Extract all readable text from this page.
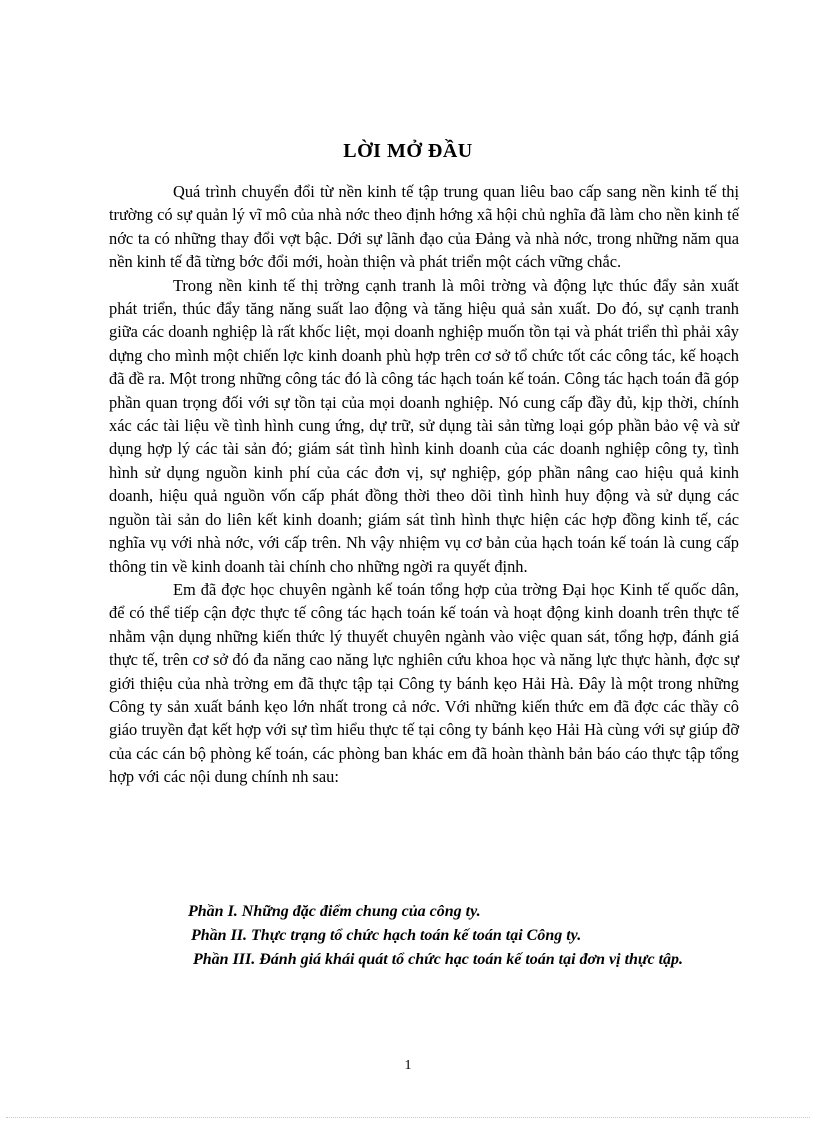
LỜI MỞ ĐẦU

Quá trình chuyển đổi từ nền kinh tế tập trung quan liêu bao cấp sang nền kinh tế thị trường có sự quản lý vĩ mô của nhà nớc theo định hớng xã hội chủ nghĩa đã làm cho nền kinh tế nớc ta có những thay đổi vợt bậc. Dới sự lãnh đạo của Đảng và nhà nớc, trong những năm qua nền kinh tế đã từng bớc đổi mới, hoàn thiện và phát triển một cách vững chắc.

Trong nền kinh tế thị trờng cạnh tranh là môi trờng và động lực thúc đẩy sản xuất phát triển, thúc đẩy tăng năng suất lao động và tăng hiệu quả sản xuất. Do đó, sự cạnh tranh giữa các doanh nghiệp là rất khốc liệt, mọi doanh nghiệp muốn tồn tại và phát triển thì phải xây dựng cho mình một chiến lợc kinh doanh phù hợp trên cơ sở tổ chức tốt các công tác, kế hoạch đã đề ra. Một trong những công tác đó là công tác hạch toán kế toán. Công tác hạch toán đã góp phần quan trọng đối với sự tồn tại của mọi doanh nghiệp. Nó cung cấp đầy đủ, kịp thời, chính xác các tài liệu về tình hình cung ứng, dự trữ, sử dụng tài sản từng loại góp phần bảo vệ và sử dụng hợp lý các tài sản đó; giám sát tình hình kinh doanh của các doanh nghiệp công ty, tình hình sử dụng nguồn kinh phí của các đơn vị, sự nghiệp, góp phần nâng cao hiệu quả kinh doanh, hiệu quả nguồn vốn cấp phát đồng thời theo dõi tình hình huy động và sử dụng các nguồn tài sản do liên kết kinh doanh; giám sát tình hình thực hiện các hợp đồng kinh tế, các nghĩa vụ với nhà nớc, với cấp trên. Nh vậy nhiệm vụ cơ bản của hạch toán kế toán là cung cấp thông tin về kinh doanh tài chính cho những ngời ra quyết định.

Em đã đợc học chuyên ngành kế toán tổng hợp của trờng Đại học Kinh tế quốc dân, để có thể tiếp cận đợc thực tế công tác hạch toán kế toán và hoạt động kinh doanh trên thực tế nhằm vận dụng những kiến thức lý thuyết chuyên ngành vào việc quan sát, tổng hợp, đánh giá thực tế, trên cơ sở đó đa năng cao năng lực nghiên cứu khoa học và năng lực thực hành, đợc sự giới thiệu của nhà trờng em đã thực tập tại Công ty bánh kẹo Hải Hà. Đây là một trong những Công ty sản xuất bánh kẹo lớn nhất trong cả nớc. Với những kiến thức em đã đợc các thầy cô giáo truyền đạt kết hợp với sự tìm hiểu thực tế tại công ty bánh kẹo Hải Hà cùng với sự giúp đỡ của các cán bộ phòng kế toán, các phòng ban khác em đã hoàn thành bản báo cáo thực tập tổng hợp với các nội dung chính nh sau:

Phần I. Những đặc điểm chung của công ty.
Phần II. Thực trạng tổ chức hạch toán kế toán tại Công ty.
Phần III. Đánh giá khái quát tổ chức hạc toán kế toán tại đơn vị thực tập.
1
